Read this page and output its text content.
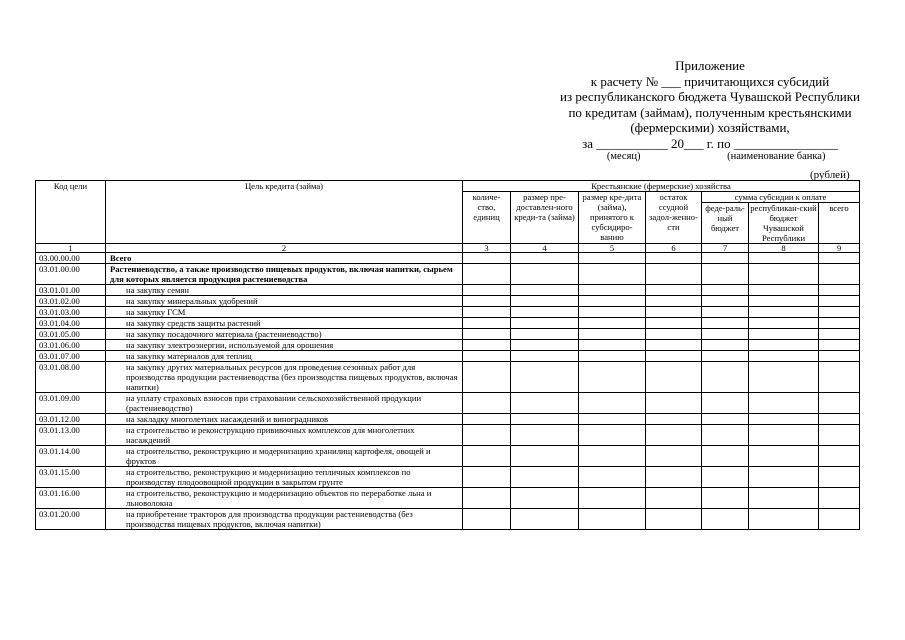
Приложение
к расчету № ___ причитающихся субсидий
из республиканского бюджета Чувашской Республики
по кредитам (займам), полученным крестьянскими
(фермерскими) хозяйствами,
за ___________ 20___ г. по ________________
(месяц)	(наименование банка)
(рублей)
Код цели	Цель кредита (займа)	Крестьянские (фермерские) хозяйства						
		количе-ство, единиц	размер пре-доставлен-ного креди-та (займа)	размер кре-дита (займа), принятого к субсидиро-ванию	остаток ссудной задол-женно-сти	сумма субсидии к оплате		
						феде-раль-ный бюджет	республикан-ский бюджет Чувашской Республики	всего
1	2	3	4	5	6	7	8	9
03.00.00.00	Всего							
03.01.00.00	Растениеводство, а также производство пищевых продуктов, включая напитки, сырьем для которых является продукция растениеводства							
03.01.01.00	на закупку семян							
03.01.02.00	на закупку минеральных удобрений							
03.01.03.00	на закупку ГСМ							
03.01.04.00	на закупку средств защиты растений							
03.01.05.00	на закупку посадочного материала (растениеводство)							
03.01.06.00	на закупку электроэнергии, используемой для орошения							
03.01.07.00	на закупку материалов для теплиц							
03.01.08.00	на закупку других материальных ресурсов для проведения сезонных работ для производства продукции растениеводства (без производства пищевых продуктов, включая напитки)							
03.01.09.00	на уплату страховых взносов при страховании сельскохозяйственной продукции (растениеводство)							
03.01.12.00	на закладку многолетних насаждений и виноградников							
03.01.13.00	на строительство и реконструкцию прививочных комплексов для многолетних насаждений							
03.01.14.00	на строительство, реконструкцию и модернизацию хранилищ картофеля, овощей и фруктов							
03.01.15.00	на строительство, реконструкцию и модернизацию тепличных комплексов по производству плодоовощной продукции в закрытом грунте							
03.01.16.00	на строительство, реконструкцию и модернизацию объектов по переработке льна и льноволокна							
03.01.20.00	на приобретение тракторов для производства продукции растениеводства (без производства пищевых продуктов, включая напитки)							
